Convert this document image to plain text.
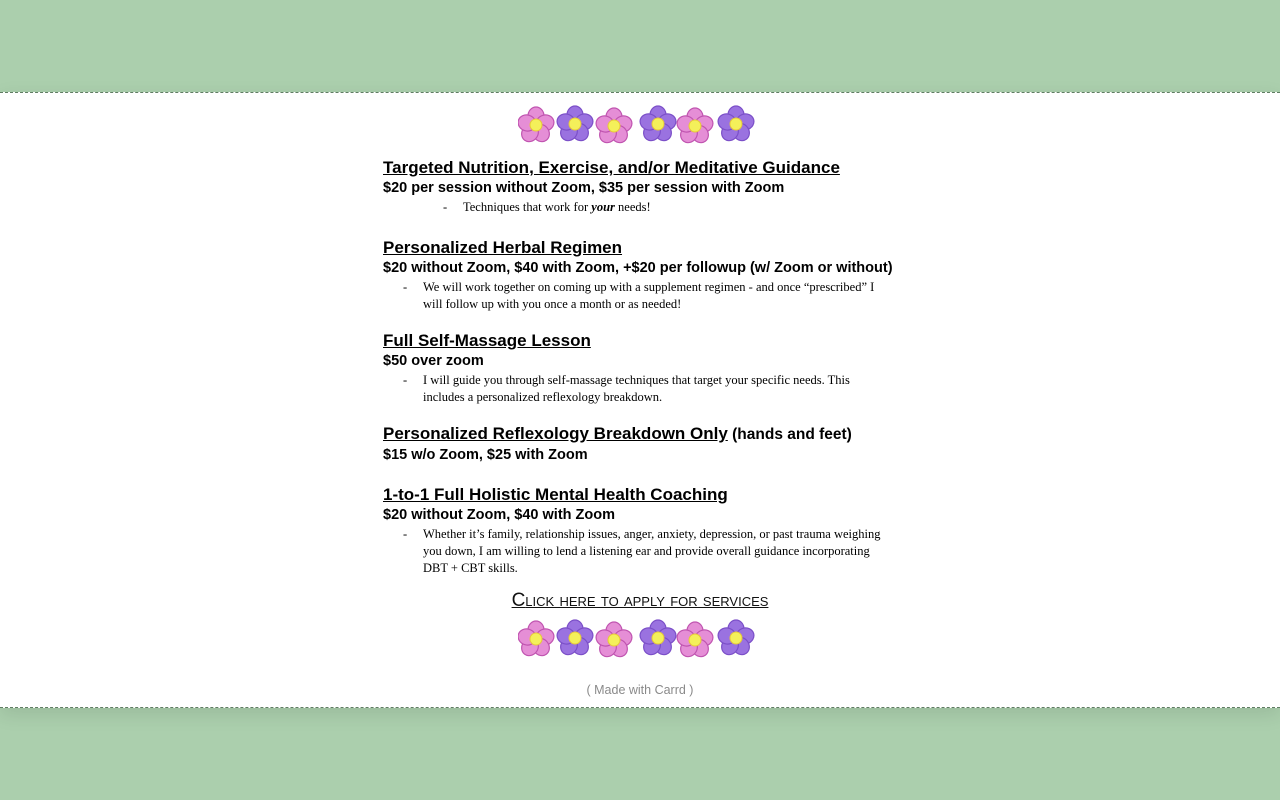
Targeted Nutrition, Exercise, and/or Meditative Guidance

$20 per session without Zoom, $35 per session with Zoom

-	Techniques that work for your needs!

Personalized Herbal Regimen

$20 without Zoom, $40 with Zoom, +$20 per followup (w/ Zoom or without)

-	We will work together on coming up with a supplement regimen - and once “prescribed” I will follow up with you once a month or as needed!

Full Self-Massage Lesson

$50 over zoom

-	I will guide you through self-massage techniques that target your specific needs. This includes a personalized reflexology breakdown.

Personalized Reflexology Breakdown Only (hands and feet)

$15 w/o Zoom, $25 with Zoom

1-to-1 Full Holistic Mental Health Coaching

$20 without Zoom, $40 with Zoom

-	Whether it’s family, relationship issues, anger, anxiety, depression, or past trauma weighing you down, I am willing to lend a listening ear and provide overall guidance incorporating DBT + CBT skills.
Click here to apply for services
( Made with Carrd )
